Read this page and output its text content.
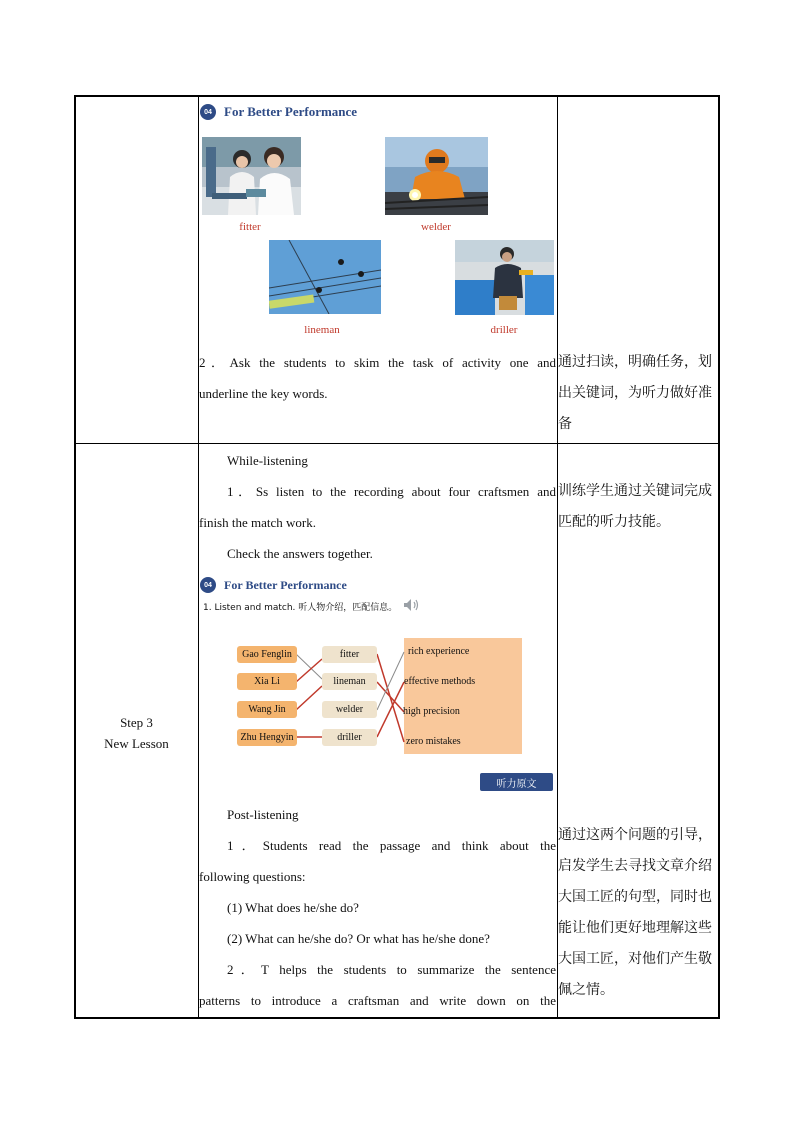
04 For Better Performance
fitter	welder
lineman	driller
2．Ask the students to skim the task of activity one and
underline the key words.
通过扫读，明确任务，划
出关键词，为听力做好准
备
Step 3
New Lesson
While-listening
1．Ss listen to the recording about four craftsmen and
finish the match work.
Check the answers together.
04	For Better Performance
1. Listen and match. 听人物介绍，匹配信息。
Gao Fenglin
Xia Li
Wang Jin
Zhu Hengyin
fitter
lineman
welder
driller
rich experience
effective methods
high precision
zero mistakes
听力原文
Post-listening
1．Students read the passage and think about the
following questions:
(1) What does he/she do?
(2) What can he/she do? Or what has he/she done?
2．T helps the students to summarize the sentence
patterns to introduce a craftsman and write down on the
训练学生通过关键词完成
匹配的听力技能。
通过这两个问题的引导，
启发学生去寻找文章介绍
大国工匠的句型，同时也
能让他们更好地理解这些
大国工匠，对他们产生敬
佩之情。
